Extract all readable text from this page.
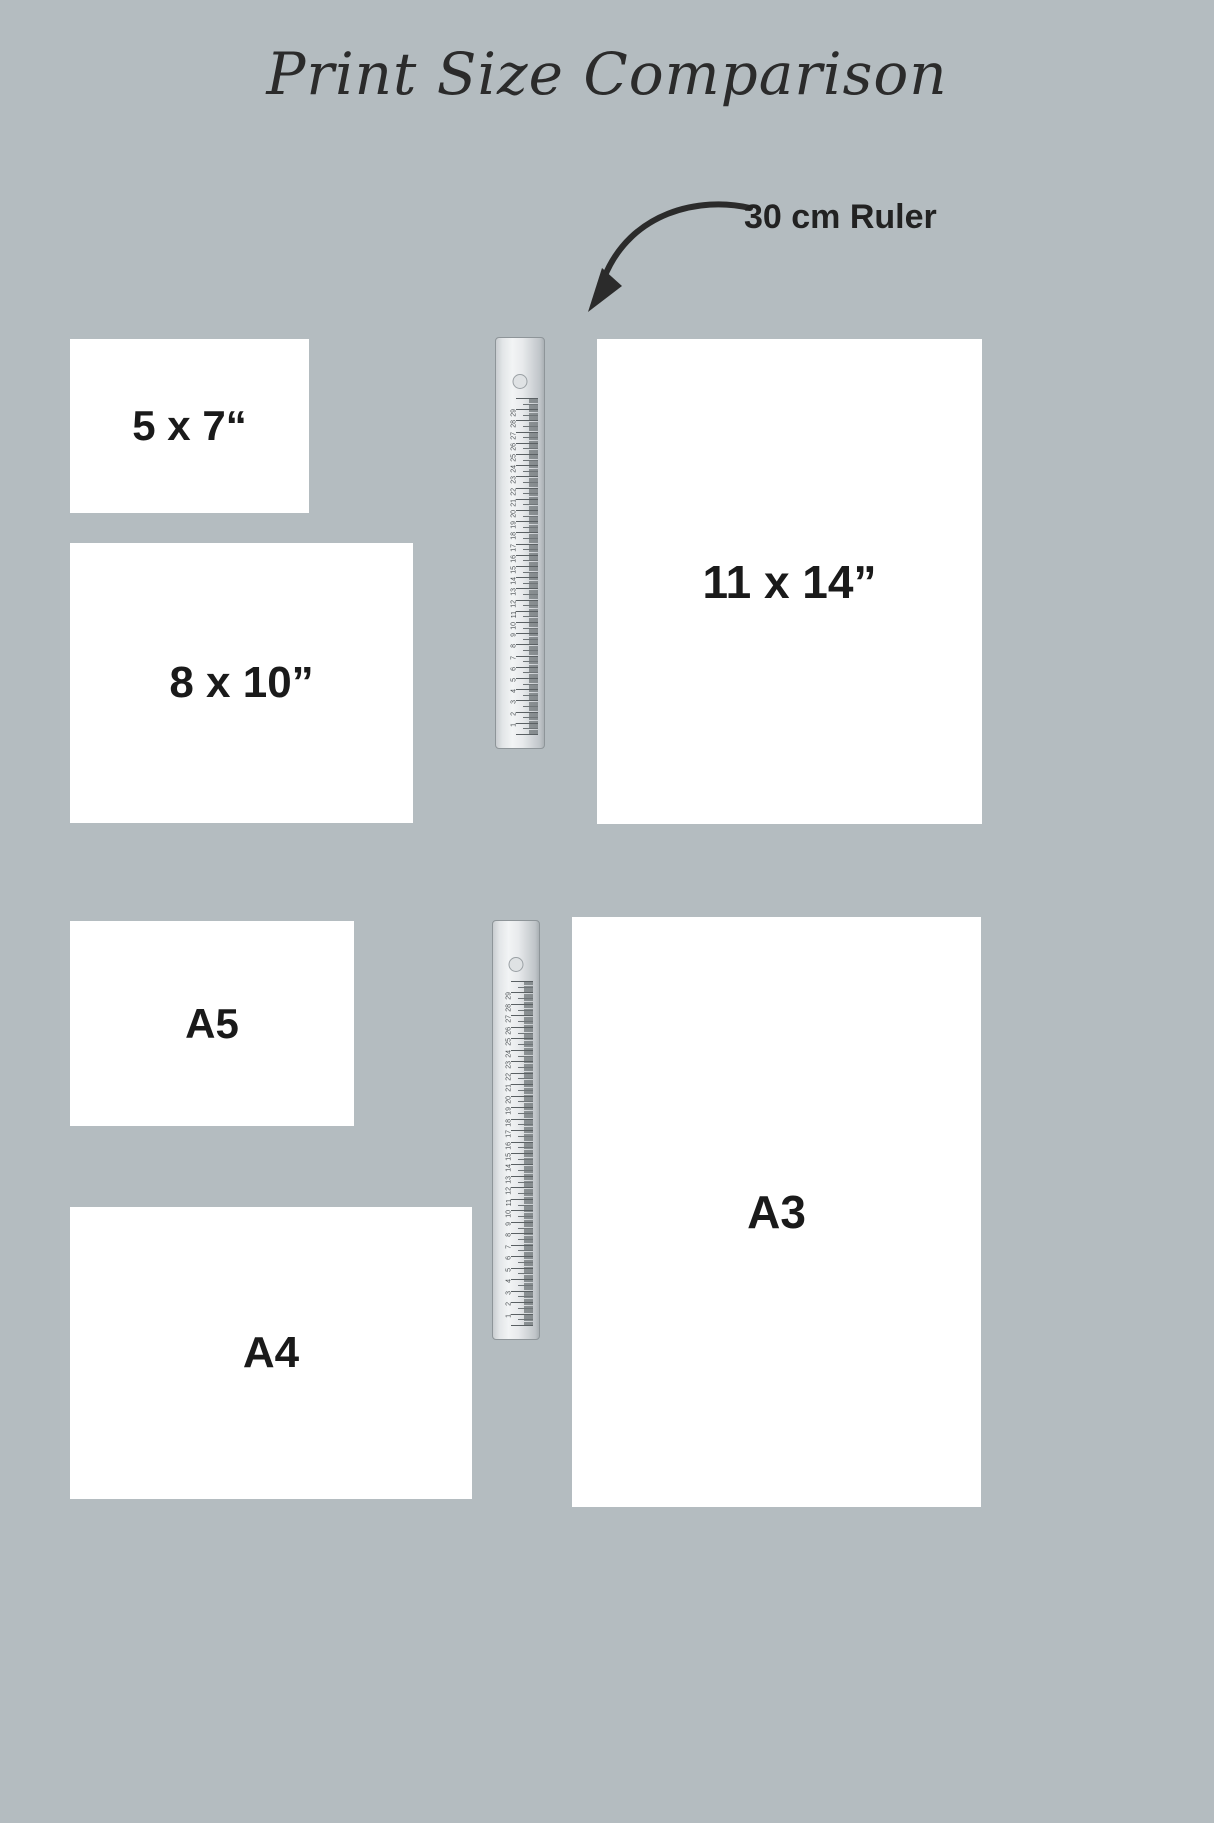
Print Size Comparison
30 cm Ruler
5 x 7“
8 x 10”
11 x 14”
A5
A4
A3
29
28
27
26
25
24
23
22
21
20
19
18
17
16
15
14
13
12
11
10
9
8
7
6
5
4
3
2
1
29
28
27
26
25
24
23
22
21
20
19
18
17
16
15
14
13
12
11
10
9
8
7
6
5
4
3
2
1
